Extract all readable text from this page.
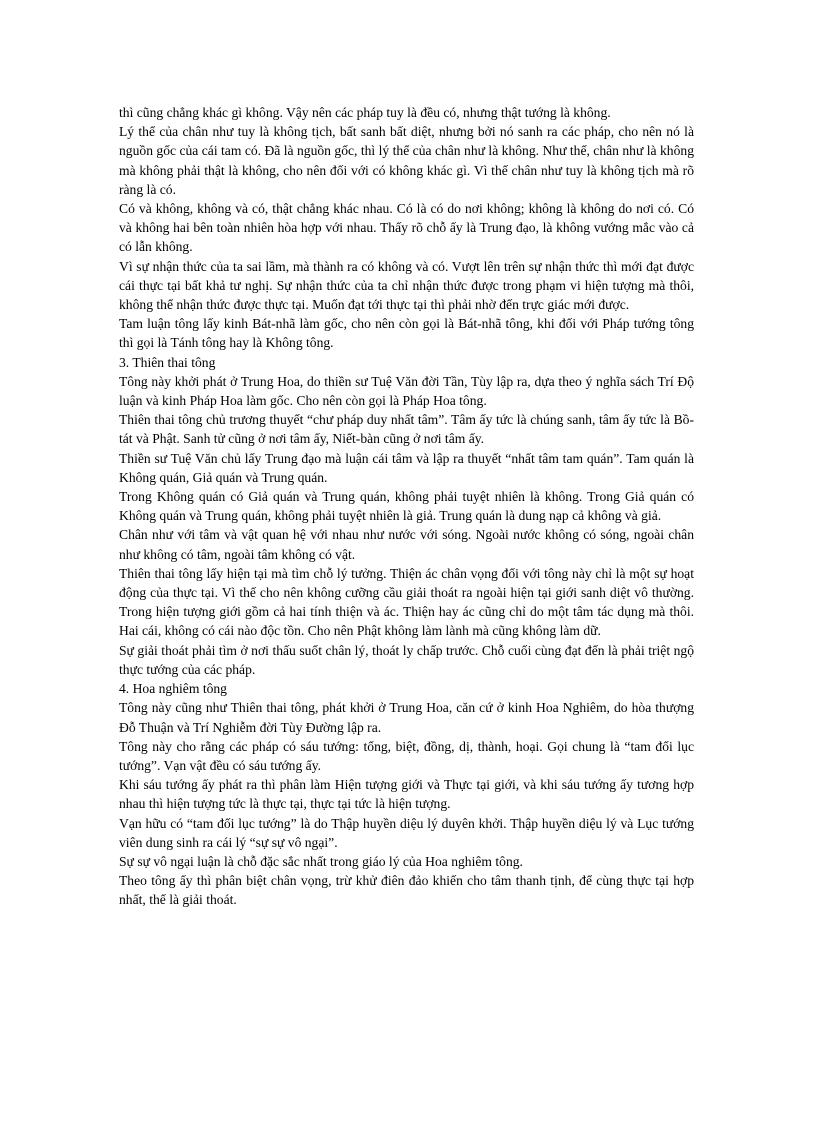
thì cũng chẳng khác gì không. Vậy nên các pháp tuy là đều có, nhưng thật tướng là không.

Lý thể của chân như tuy là không tịch, bất sanh bất diệt, nhưng bởi nó sanh ra các pháp, cho nên nó là nguồn gốc của cái tam có. Đã là nguồn gốc, thì lý thể của chân như là không. Như thế, chân như là không mà không phải thật là không, cho nên đối với có không khác gì. Vì thế chân như tuy là không tịch mà rõ ràng là có.

Có và không, không và có, thật chẳng khác nhau. Có là có do nơi không; không là không do nơi có. Có và không hai bên toàn nhiên hòa hợp với nhau. Thấy rõ chỗ ấy là Trung đạo, là không vướng mắc vào cả có lẫn không.

Vì sự nhận thức của ta sai lầm, mà thành ra có không và có. Vượt lên trên sự nhận thức thì mới đạt được cái thực tại bất khả tư nghị. Sự nhận thức của ta chỉ nhận thức được trong phạm vi hiện tượng mà thôi, không thể nhận thức được thực tại. Muốn đạt tới thực tại thì phải nhờ đến trực giác mới được.

Tam luận tông lấy kinh Bát-nhã làm gốc, cho nên còn gọi là Bát-nhã tông, khi đối với Pháp tướng tông thì gọi là Tánh tông hay là Không tông.

3. Thiên thai tông

Tông này khởi phát ở Trung Hoa, do thiền sư Tuệ Văn đời Tần, Tùy lập ra, dựa theo ý nghĩa sách Trí Độ luận và kinh Pháp Hoa làm gốc. Cho nên còn gọi là Pháp Hoa tông.

Thiên thai tông chủ trương thuyết “chư pháp duy nhất tâm”. Tâm ấy tức là chúng sanh, tâm ấy tức là Bồ-tát và Phật. Sanh tử cũng ở nơi tâm ấy, Niết-bàn cũng ở nơi tâm ấy.

Thiền sư Tuệ Văn chủ lấy Trung đạo mà luận cái tâm và lập ra thuyết “nhất tâm tam quán”. Tam quán là Không quán, Giả quán và Trung quán.

Trong Không quán có Giả quán và Trung quán, không phải tuyệt nhiên là không. Trong Giả quán có Không quán và Trung quán, không phải tuyệt nhiên là giả. Trung quán là dung nạp cả không và giả.

Chân như với tâm và vật quan hệ với nhau như nước với sóng. Ngoài nước không có sóng, ngoài chân như không có tâm, ngoài tâm không có vật.

Thiên thai tông lấy hiện tại mà tìm chỗ lý tưởng. Thiện ác chân vọng đối với tông này chỉ là một sự hoạt động của thực tại. Vì thế cho nên không cưỡng cầu giải thoát ra ngoài hiện tại giới sanh diệt vô thường. Trong hiện tượng giới gồm cả hai tính thiện và ác. Thiện hay ác cũng chỉ do một tâm tác dụng mà thôi. Hai cái, không có cái nào độc tồn. Cho nên Phật không làm lành mà cũng không làm dữ.

Sự giải thoát phải tìm ở nơi thấu suốt chân lý, thoát ly chấp trước. Chỗ cuối cùng đạt đến là phải triệt ngộ thực tướng của các pháp.

4. Hoa nghiêm tông

Tông này cũng như Thiên thai tông, phát khởi ở Trung Hoa, căn cứ ở kinh Hoa Nghiêm, do hòa thượng Đỗ Thuận và Trí Nghiễm đời Tùy Đường lập ra.

Tông này cho rằng các pháp có sáu tướng: tổng, biệt, đồng, dị, thành, hoại. Gọi chung là “tam đối lục tướng”. Vạn vật đều có sáu tướng ấy.

Khi sáu tướng ấy phát ra thì phân làm Hiện tượng giới và Thực tại giới, và khi sáu tướng ấy tương hợp nhau thì hiện tượng tức là thực tại, thực tại tức là hiện tượng.

Vạn hữu có “tam đối lục tướng” là do Thập huyền diệu lý duyên khởi. Thập huyền diệu lý và Lục tướng viên dung sinh ra cái lý “sự sự vô ngại”.

Sự sự vô ngại luận là chỗ đặc sắc nhất trong giáo lý của Hoa nghiêm tông.

Theo tông ấy thì phân biệt chân vọng, trừ khử điên đảo khiến cho tâm thanh tịnh, để cùng thực tại hợp nhất, thế là giải thoát.
